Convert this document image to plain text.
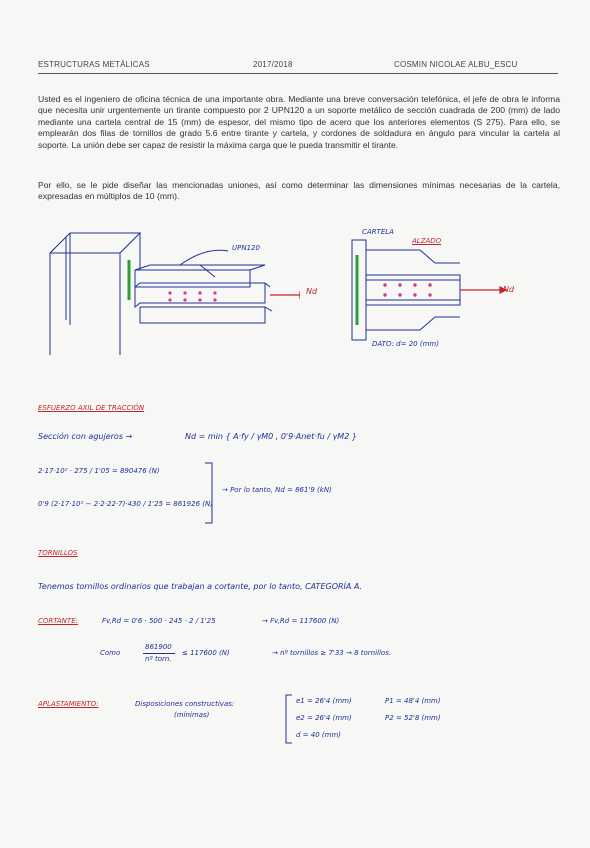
ESTRUCTURAS METÁLICAS	2017/2018	COSMIN NICOLAE ALBU_ESCU
Usted es el ingeniero de oficina técnica de una importante obra. Mediante una breve conversación telefónica, el jefe de obra le informa que necesita unir urgentemente un tirante compuesto por 2 UPN120 a un soporte metálico de sección cuadrada de 200 (mm) de lado mediante una cartela central de 15 (mm) de espesor, del mismo tipo de acero que los anteriores elementos (S 275). Para ello, se emplearán dos filas de tornillos de grado 5.6 entre tirante y cartela, y cordones de soldadura en ángulo para vincular la cartela al soporte. La unión debe ser capaz de resistir la máxima carga que le pueda transmitir el tirante.
Por ello, se le pide diseñar las mencionadas uniones, así como determinar las dimensiones mínimas necesarias de la cartela, expresadas en múltiplos de 10 (mm).
UPN120
Nd
CARTELA
ALZADO
Nd
DATO: d= 20 (mm)
ESFUERZO AXIL DE TRACCIÓN
Sección con agujeros →	Nd = min { A·fy / γM0 , 0'9·Anet·fu / γM2 }
2·17·10² · 275 / 1'05 = 890476 (N)
0'9 (2·17·10² − 2·2·22·7)·430 / 1'25 = 861926 (N)
→ Por lo tanto, Nd = 861'9 (kN)
TORNILLOS
Tenemos tornillos ordinarios que trabajan a cortante, por lo tanto, CATEGORÍA A.
CORTANTE:	Fv,Rd = 0'6 · 500 · 245 · 2 / 1'25	→ Fv,Rd = 117600 (N)
Como
861900
nº torn.
≤ 117600 (N)	→ nº tornillos ≥ 7'33 → 8 tornillos.
APLASTAMIENTO:	Disposiciones constructivas:
(mínimas)
e1 = 26'4 (mm)
e2 = 26'4 (mm)
d = 40 (mm)
P1 = 48'4 (mm)
P2 = 52'8 (mm)
